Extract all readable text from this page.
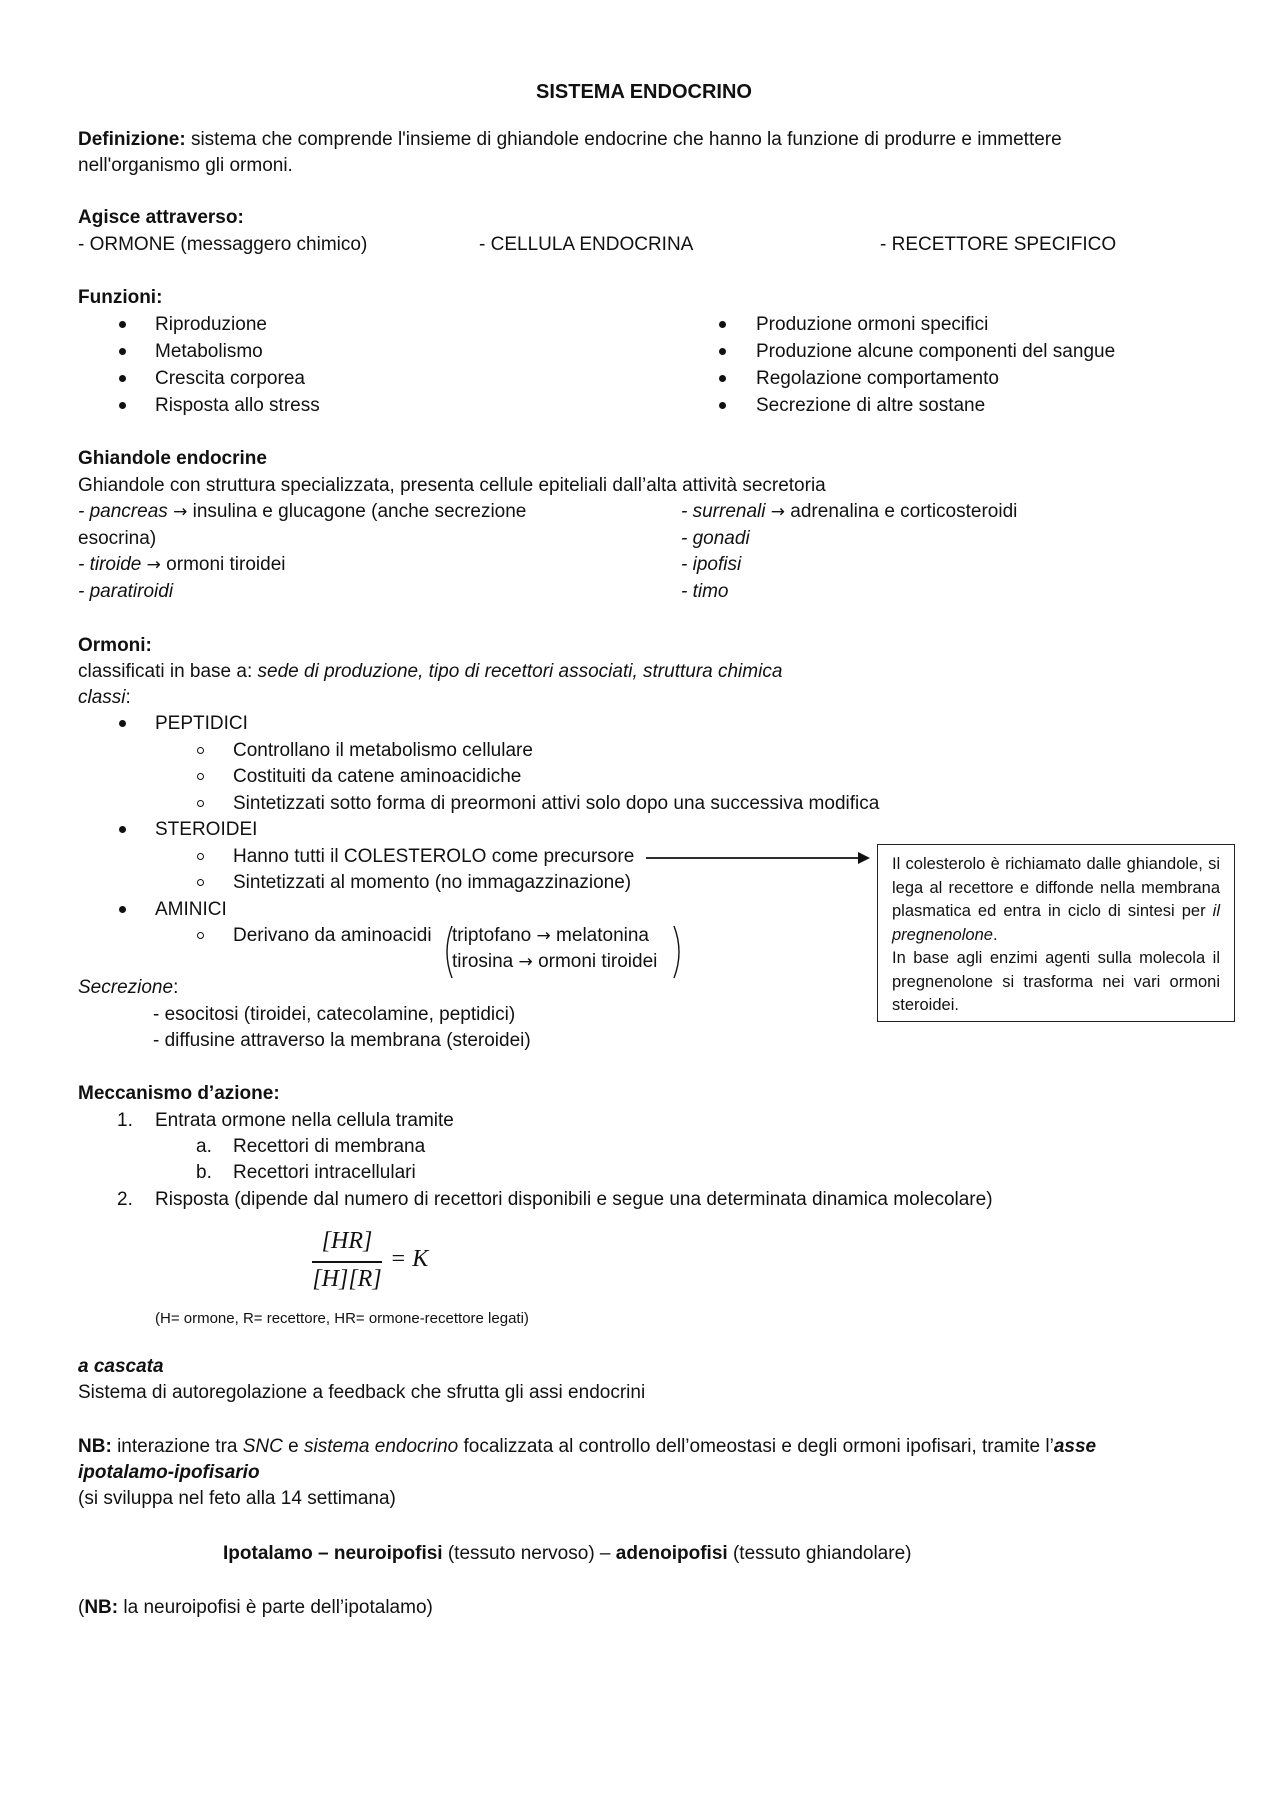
SISTEMA ENDOCRINO
Definizione: sistema che comprende l'insieme di ghiandole endocrine che hanno la funzione di produrre e immettere
nell'organismo gli ormoni.
Agisce attraverso:
- ORMONE (messaggero chimico)	- CELLULA ENDOCRINA	- RECETTORE SPECIFICO
Funzioni:
Riproduzione
Metabolismo
Crescita corporea
Risposta allo stress
Produzione ormoni specifici
Produzione alcune componenti del sangue
Regolazione comportamento
Secrezione di altre sostane
Ghiandole endocrine
Ghiandole con struttura specializzata, presenta cellule epiteliali dall’alta attività secretoria
- pancreas → insulina e glucagone (anche secrezione
esocrina)
- tiroide → ormoni tiroidei
- paratiroidi
- surrenali → adrenalina e corticosteroidi
- gonadi
- ipofisi
- timo
Ormoni:
classificati in base a: sede di produzione, tipo di recettori associati, struttura chimica
classi:
PEPTIDICI
Controllano il metabolismo cellulare
Costituiti da catene aminoacidiche
Sintetizzati sotto forma di preormoni attivi solo dopo una successiva modifica
STEROIDEI
Hanno tutti il COLESTEROLO come precursore
Sintetizzati al momento (no immagazzinazione)
AMINICI
Derivano da aminoacidi triptofano → melatonina
tirosina → ormoni tiroidei

Il colesterolo è richiamato dalle ghiandole, si lega al recettore e diffonde nella membrana plasmatica ed entra in ciclo di sintesi per il pregnenolone.

In base agli enzimi agenti sulla molecola il pregnenolone si trasforma nei vari ormoni steroidei.

Secrezione:
- esocitosi (tiroidei, catecolamine, peptidici)
- diffusine attraverso la membrana (steroidei)
Meccanismo d’azione:
1. Entrata ormone nella cellula tramite
a. Recettori di membrana
b. Recettori intracellulari
2. Risposta (dipende dal numero di recettori disponibili e segue una determinata dinamica molecolare)
[HR]
[H][R]
= K
(H= ormone, R= recettore, HR= ormone-recettore legati)
a cascata
Sistema di autoregolazione a feedback che sfrutta gli assi endocrini
NB: interazione tra SNC e sistema endocrino focalizzata al controllo dell’omeostasi e degli ormoni ipofisari, tramite l’asse
ipotalamo-ipofisario
(si sviluppa nel feto alla 14 settimana)
Ipotalamo – neuroipofisi (tessuto nervoso) – adenoipofisi (tessuto ghiandolare)
(NB: la neuroipofisi è parte dell’ipotalamo)
